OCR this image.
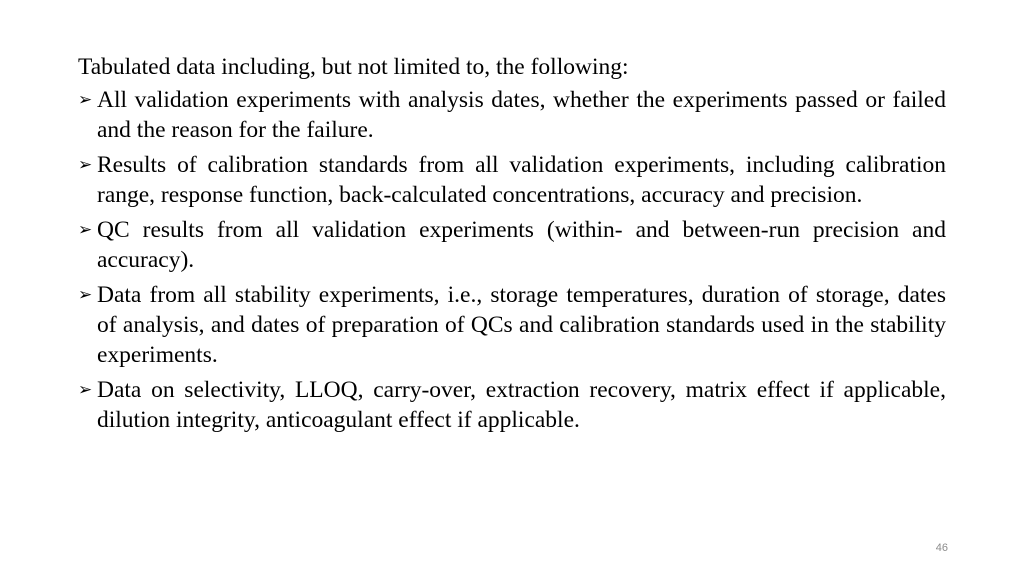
Tabulated data including, but not limited to, the following:

➢ All validation experiments with analysis dates, whether the experiments passed or failed and the reason for the failure.
➢ Results of calibration standards from all validation experiments, including calibration range, response function, back-calculated concentrations, accuracy and precision.
➢ QC results from all validation experiments (within- and between-run precision and accuracy).
➢ Data from all stability experiments, i.e., storage temperatures, duration of storage, dates of analysis, and dates of preparation of QCs and calibration standards used in the stability experiments.
➢ Data on selectivity, LLOQ, carry-over, extraction recovery, matrix effect if applicable, dilution integrity, anticoagulant effect if applicable.
46
